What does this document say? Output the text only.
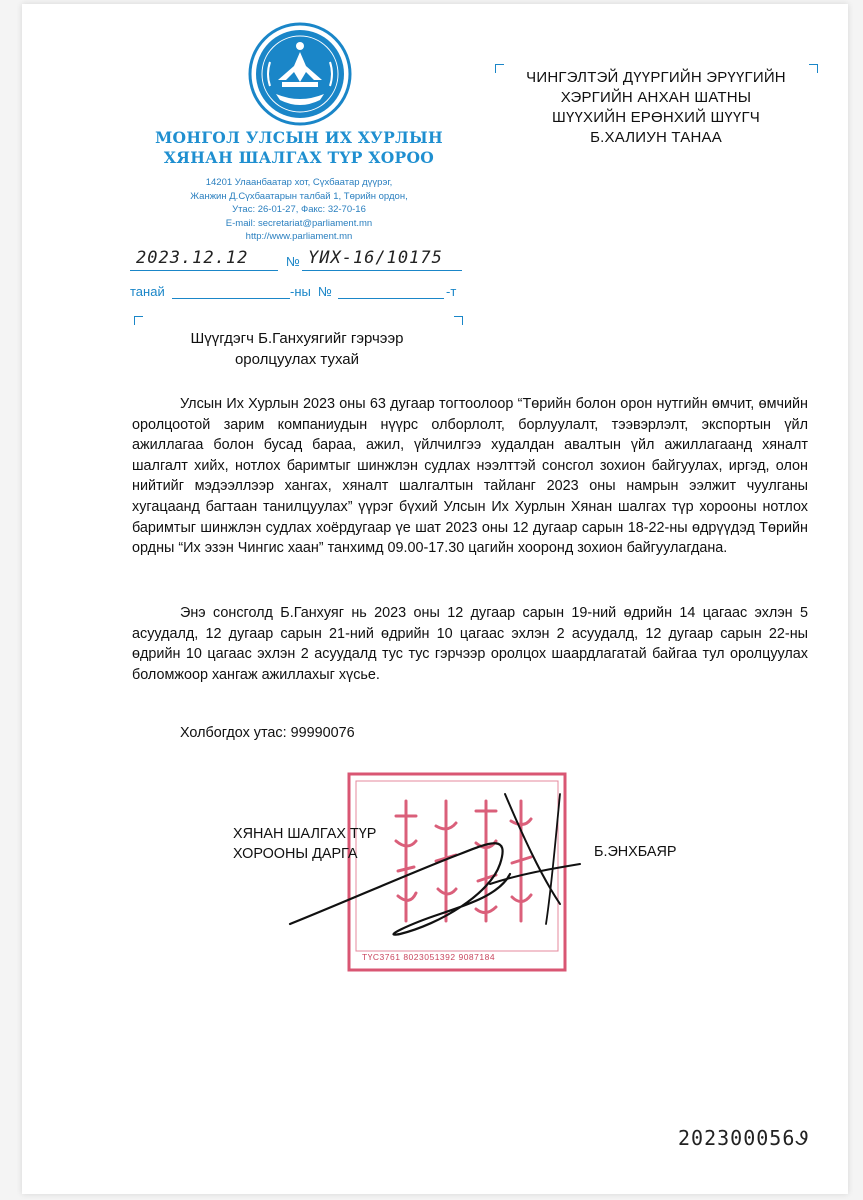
МОНГОЛ УЛСЫН ИХ ХУРЛЫН
ХЯНАН ШАЛГАХ ТҮР ХОРОО
14201 Улаанбаатар хот, Сүхбаатар дүүрэг,
Жанжин Д.Сүхбаатарын талбай 1, Төрийн ордон,
Утас: 26-01-27, Факс: 32-70-16
E-mail: secretariat@parliament.mn
http://www.parliament.mn
ЧИНГЭЛТЭЙ ДҮҮРГИЙН ЭРҮҮГИЙН
ХЭРГИЙН АНХАН ШАТНЫ
ШҮҮХИЙН ЕРӨНХИЙ ШҮҮГЧ
Б.ХАЛИУН ТАНАА
2023.12.12	№ ҮИХ-16/10175
танай	-ны №	-т
Шүүгдэгч Б.Ганхуягийг гэрчээр
оролцуулах тухай
Улсын Их Хурлын 2023 оны 63 дугаар тогтоолоор “Төрийн болон орон нутгийн өмчит, өмчийн оролцоотой зарим компаниудын нүүрс олборлолт, борлуулалт, тээвэрлэлт, экспортын үйл ажиллагаа болон бусад бараа, ажил, үйлчилгээ худалдан авалтын үйл ажиллагаанд хяналт шалгалт хийх, нотлох баримтыг шинжлэн судлах нээлттэй сонсгол зохион байгуулах, иргэд, олон нийтийг мэдээллээр хангах, хяналт шалгалтын тайланг 2023 оны намрын ээлжит чуулганы хугацаанд багтаан танилцуулах” үүрэг бүхий Улсын Их Хурлын Хянан шалгах түр хорооны нотлох баримтыг шинжлэн судлах хоёрдугаар үе шат 2023 оны 12 дугаар сарын 18-22-ны өдрүүдэд Төрийн ордны “Их эзэн Чингис хаан” танхимд 09.00-17.30 цагийн хооронд зохион байгуулагдана.
Энэ сонсголд Б.Ганхуяг нь 2023 оны 12 дугаар сарын 19-ний өдрийн 14 цагаас эхлэн 5 асуудалд, 12 дугаар сарын 21-ний өдрийн 10 цагаас эхлэн 2 асуудалд, 12 дугаар сарын 22-ны өдрийн 10 цагаас эхлэн 2 асуудалд тус тус гэрчээр оролцох шаардлагатай байгаа тул оролцуулах боломжоор хангаж ажиллахыг хүсье.
Холбогдох утас: 99990076
ТҮС3761 8023051392 9087184
ХЯНАН ШАЛГАХ ТҮР
ХОРООНЫ ДАРГА	Б.ЭНХБАЯР
202300056Ꮽ
